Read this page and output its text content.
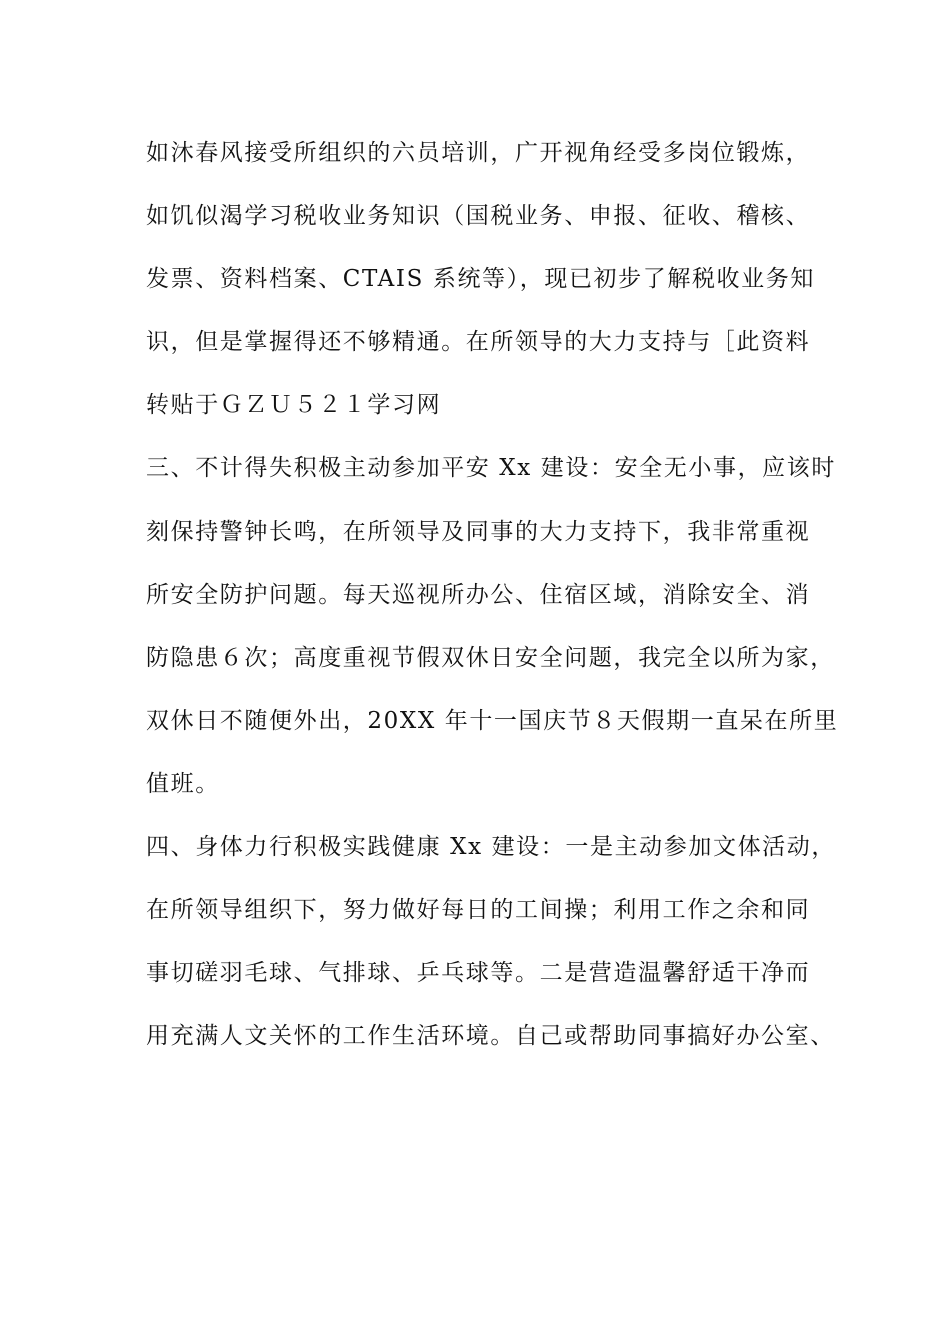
如沐春风接受所组织的六员培训，广开视角经受多岗位锻炼，
如饥似渴学习税收业务知识（国税业务、申报、征收、稽核、
发票、资料档案、CTAIS 系统等），现已初步了解税收业务知
识，但是掌握得还不够精通。在所领导的大力支持与［此资料
转贴于ＧＺＵ５２１学习网
三、不计得失积极主动参加平安 Xx 建设：安全无小事，应该时
刻保持警钟长鸣，在所领导及同事的大力支持下，我非常重视
所安全防护问题。每天巡视所办公、住宿区域，消除安全、消
防隐患６次；高度重视节假双休日安全问题，我完全以所为家，
双休日不随便外出，20XX 年十一国庆节８天假期一直呆在所里
值班。
四、身体力行积极实践健康 Xx 建设：一是主动参加文体活动，
在所领导组织下，努力做好每日的工间操；利用工作之余和同
事切磋羽毛球、气排球、乒乓球等。二是营造温馨舒适干净而
用充满人文关怀的工作生活环境。自己或帮助同事搞好办公室、
